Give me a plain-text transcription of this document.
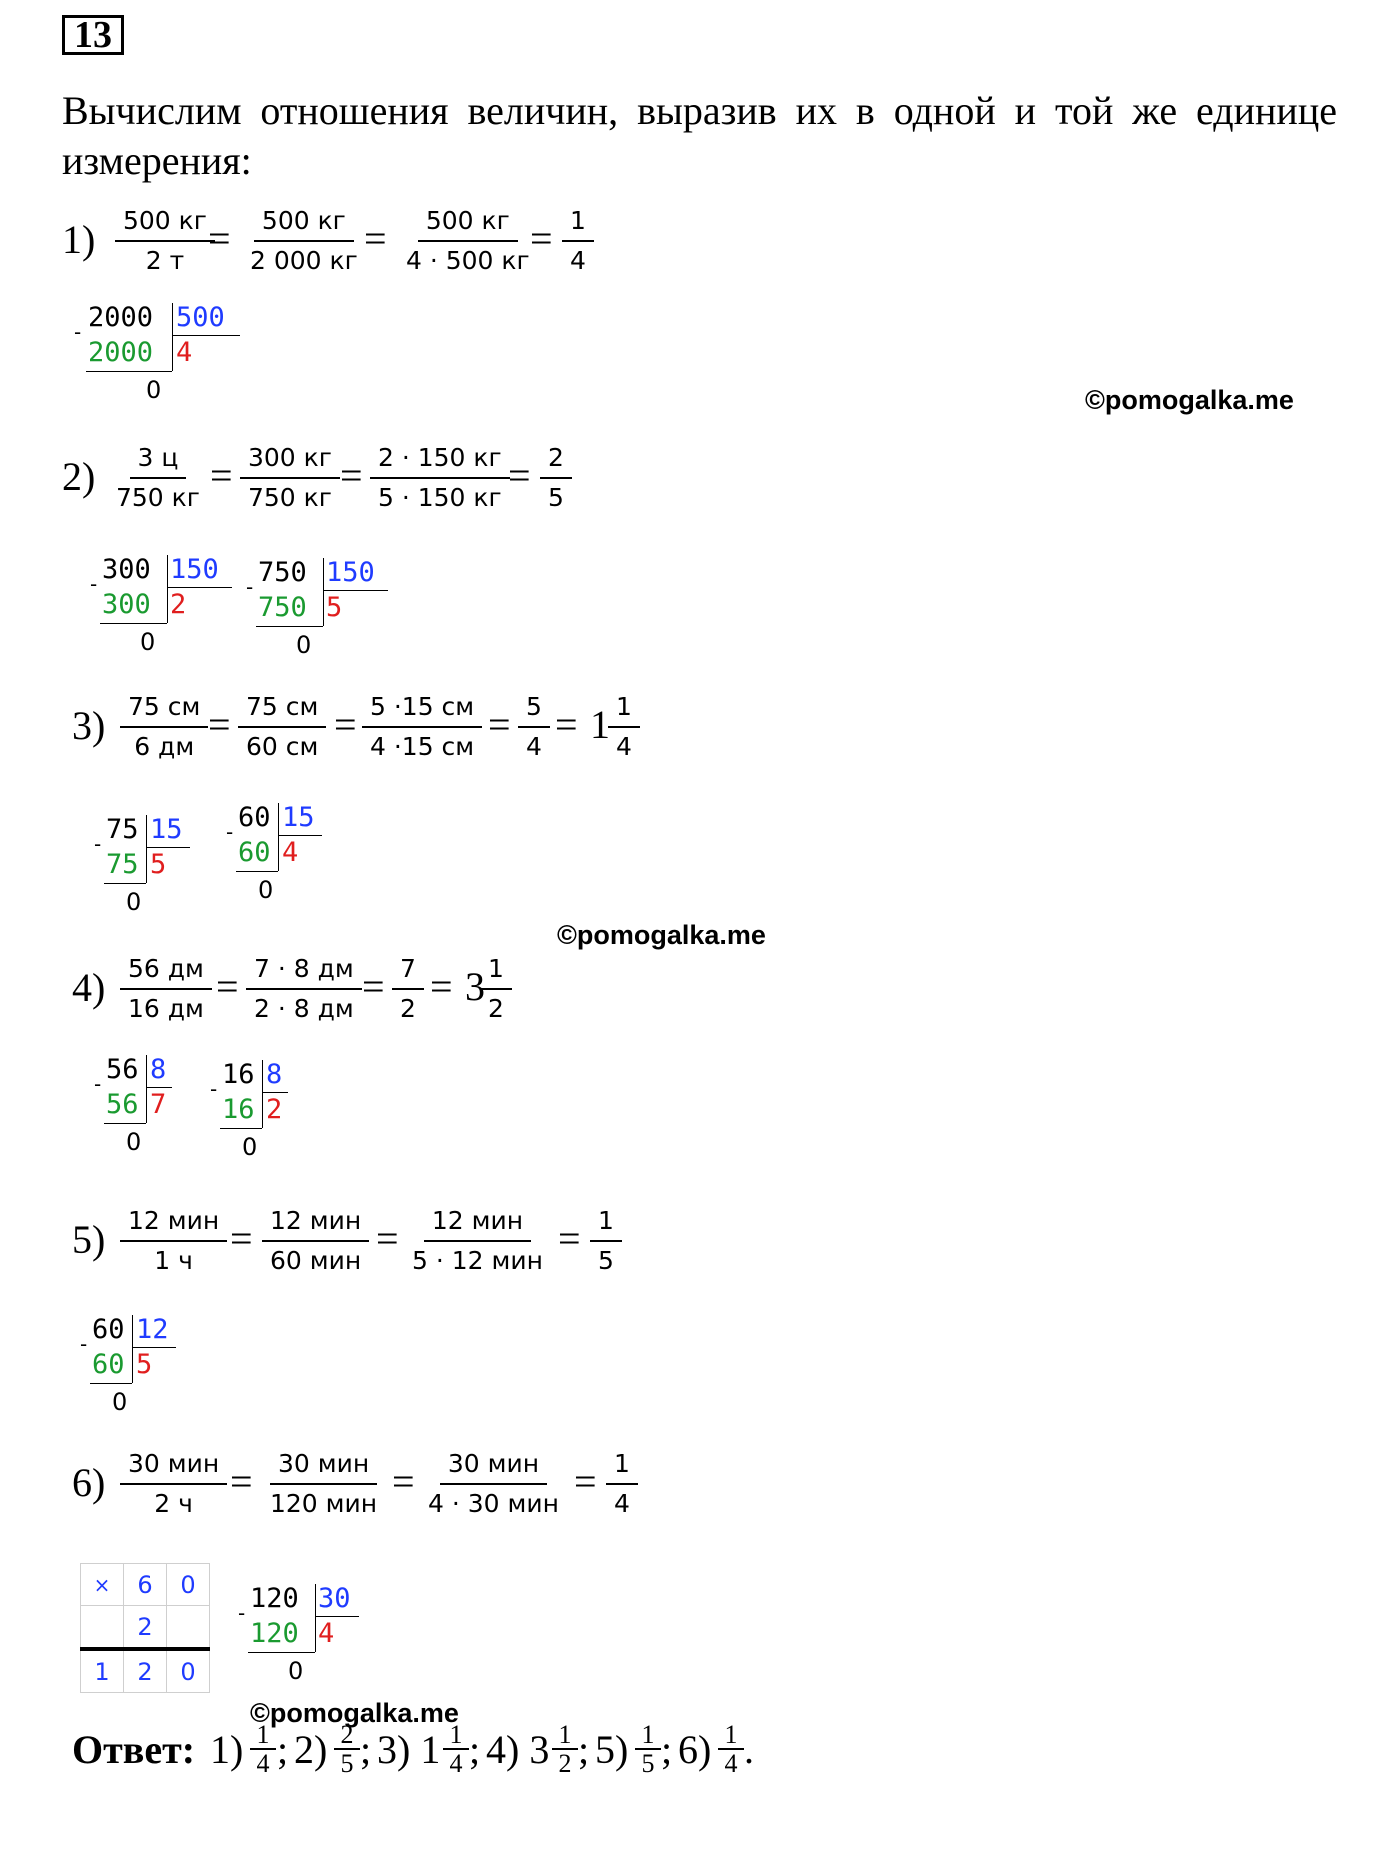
13
Вычислим отношения величин, выразив их в одной и той же единице измерения:
1)	500 кг
2 т =	500 кг
2 000 кг =	500 кг
4 · 500 кг = $\frac{1}{4}$
- 2000 500
2000 4
0	©pomogalka.me
2)	3 ц
750 кг = 300 кг
750 кг = 2 · 150 кг
5 · 150 кг = $\frac{2}{5}$
- 300 150
300 2
0
- 750 150
750 5
0
3) 75 см
6 дм = 75 см
60 см = 5 ·15 см
4 ·15 см = $\frac{5}{4} = 1$
$\frac{1}{4}$
- 75 15
75 5
0
- 60 15
60 4
0
©pomogalka.me
4) 56 дм
16 дм = 7 · 8 дм
2 · 8 дм = $\frac{7}{2} = 3$
$\frac{1}{2}$
- 56 8
56 7
0
- 16 8
16 2
0
5) 12 мин
1 ч = 12 мин
60 мин =	12 мин
5 · 12 мин = $\frac{1}{5}$
- 60 12
60 5
0
6) 30 мин
2 ч =	30 мин
120 мин =	30 мин
4 · 30 мин = $\frac{1}{4}$
×	6	0
	2	
1	2	0
- 120 30
120 4
0
©pomogalka.me
Ответ: 1) 1
4 ; 2) 2
5 ; 3) 1 1
4 ; 4) 3 1
2 ; 5) 1
5 ; 6) 1
4 .
